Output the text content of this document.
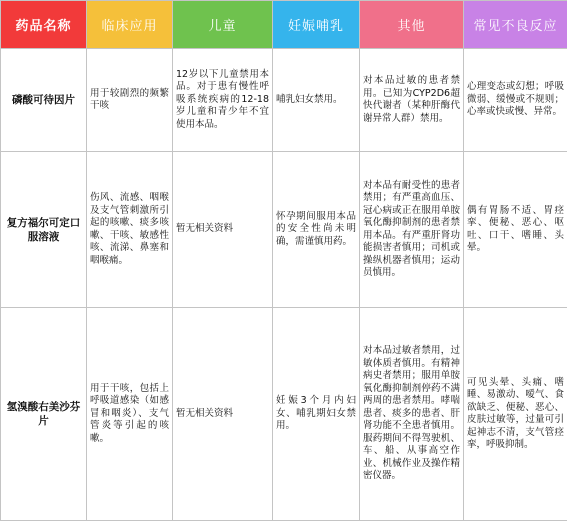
药品名称	临床应用	儿童	妊娠哺乳	其他	常见不良反应
磷酸可待因片	用于较剧烈的频繁干咳	12岁以下儿童禁用本品。对于患有慢性呼吸系统疾病的12-18岁儿童和青少年不宜使用本品。	哺乳妇女禁用。	对本品过敏的患者禁用。已知为CYP2D6超快代谢者（某种肝酶代谢异常人群）禁用。	心理变态或幻想；呼吸微弱、缓慢或不规则；心率或快或慢、异常。
复方福尔可定口服溶液	伤风、流感、咽喉及支气管刺激所引起的咳嗽、痰多咳嗽、干咳、敏感性咳、流涕、鼻塞和咽喉痛。	暂无相关资料	怀孕期间服用本品的安全性尚未明确，需谨慎用药。	对本品有耐受性的患者禁用；有严重高血压、冠心病或正在服用单胺氧化酶抑制剂的患者禁用本品。有严重肝肾功能损害者慎用；司机或操纵机器者慎用；运动员慎用。	偶有胃肠不适、胃痉挛、便秘、恶心、呕吐、口干、嗜睡、头晕。
氢溴酸右美沙芬片	用于干咳，包括上呼吸道感染（如感冒和咽炎）、支气管炎等引起的咳嗽。	暂无相关资料	妊娠3个月内妇女、哺乳期妇女禁用。	对本品过敏者禁用，过敏体质者慎用。有精神病史者禁用；服用单胺氧化酶抑制剂停药不满两周的患者禁用。哮喘患者、痰多的患者、肝肾功能不全患者慎用。服药期间不得驾驶机、车、船、从事高空作业、机械作业及操作精密仪器。	可见头晕、头痛、嗜睡、易激动、嗳气、食欲缺乏、便秘、恶心、皮肤过敏等，过量可引起神志不清，支气管痉挛，呼吸抑制。
